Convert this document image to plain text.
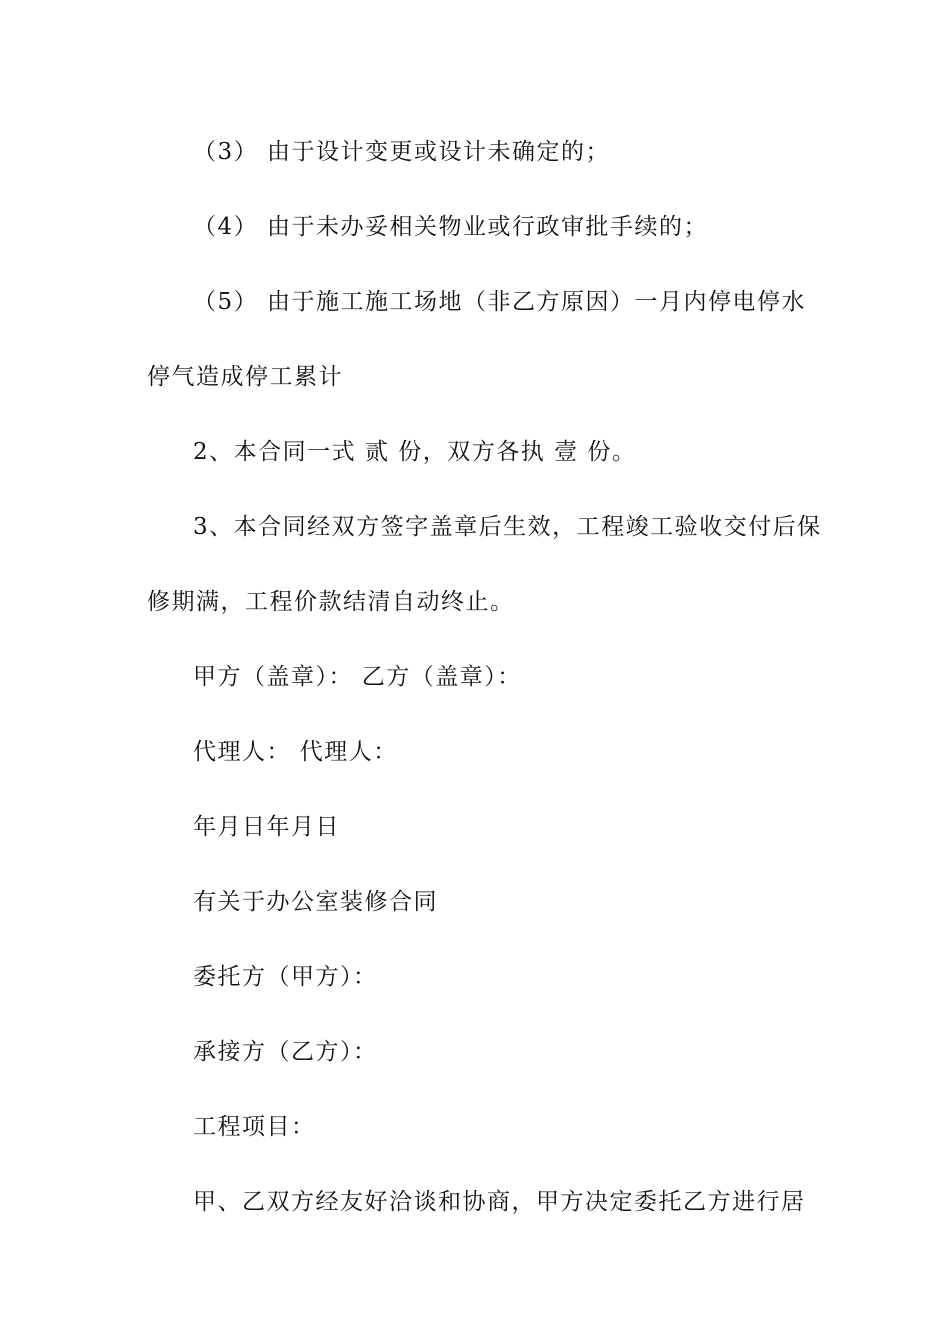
（3） 由于设计变更或设计未确定的；
（4） 由于未办妥相关物业或行政审批手续的；
（5） 由于施工施工场地（非乙方原因）一月内停电停水
停气造成停工累计
2、本合同一式 贰 份，双方各执 壹 份。
3、本合同经双方签字盖章后生效，工程竣工验收交付后保
修期满，工程价款结清自动终止。
甲方（盖章）： 乙方（盖章）：
代理人： 代理人：
年月日年月日
有关于办公室装修合同
委托方（甲方）：
承接方（乙方）：
工程项目：
甲、乙双方经友好洽谈和协商，甲方决定委托乙方进行居
